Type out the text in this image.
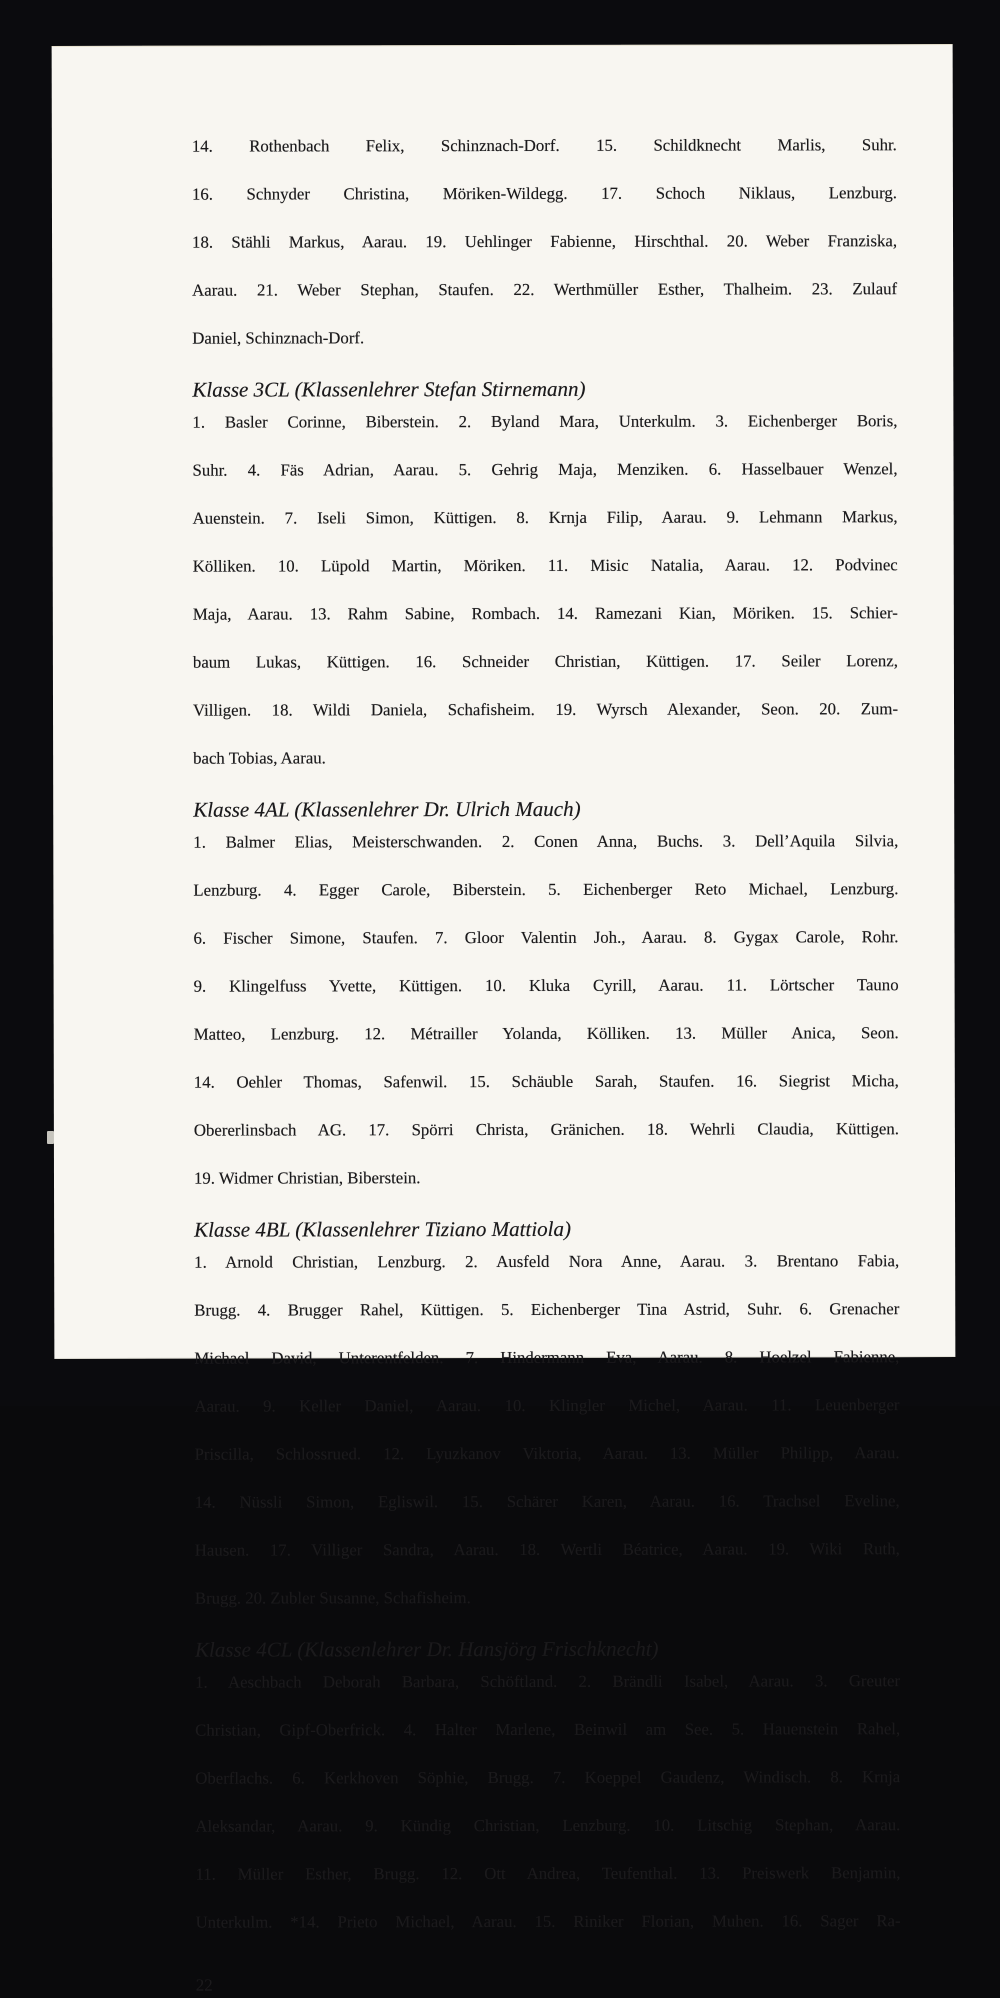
14. Rothenbach Felix, Schinznach-Dorf. 15. Schildknecht Marlis, Suhr.
16. Schnyder Christina, Möriken-Wildegg. 17. Schoch Niklaus, Lenzburg.
18. Stähli Markus, Aarau. 19. Uehlinger Fabienne, Hirschthal. 20. Weber Franziska,
Aarau. 21. Weber Stephan, Staufen. 22. Werthmüller Esther, Thalheim. 23. Zulauf
Daniel, Schinznach-Dorf.
Klasse 3CL (Klassenlehrer Stefan Stirnemann)
1. Basler Corinne, Biberstein. 2. Byland Mara, Unterkulm. 3. Eichenberger Boris,
Suhr. 4. Fäs Adrian, Aarau. 5. Gehrig Maja, Menziken. 6. Hasselbauer Wenzel,
Auenstein. 7. Iseli Simon, Küttigen. 8. Krnja Filip, Aarau. 9. Lehmann Markus,
Kölliken. 10. Lüpold Martin, Möriken. 11. Misic Natalia, Aarau. 12. Podvinec
Maja, Aarau. 13. Rahm Sabine, Rombach. 14. Ramezani Kian, Möriken. 15. Schier-
baum Lukas, Küttigen. 16. Schneider Christian, Küttigen. 17. Seiler Lorenz,
Villigen. 18. Wildi Daniela, Schafisheim. 19. Wyrsch Alexander, Seon. 20. Zum-
bach Tobias, Aarau.
Klasse 4AL (Klassenlehrer Dr. Ulrich Mauch)
1. Balmer Elias, Meisterschwanden. 2. Conen Anna, Buchs. 3. Dell’Aquila Silvia,
Lenzburg. 4. Egger Carole, Biberstein. 5. Eichenberger Reto Michael, Lenzburg.
6. Fischer Simone, Staufen. 7. Gloor Valentin Joh., Aarau. 8. Gygax Carole, Rohr.
9. Klingelfuss Yvette, Küttigen. 10. Kluka Cyrill, Aarau. 11. Lörtscher Tauno
Matteo, Lenzburg. 12. Métrailler Yolanda, Kölliken. 13. Müller Anica, Seon.
14. Oehler Thomas, Safenwil. 15. Schäuble Sarah, Staufen. 16. Siegrist Micha,
Obererlinsbach AG. 17. Spörri Christa, Gränichen. 18. Wehrli Claudia, Küttigen.
19. Widmer Christian, Biberstein.
Klasse 4BL (Klassenlehrer Tiziano Mattiola)
1. Arnold Christian, Lenzburg. 2. Ausfeld Nora Anne, Aarau. 3. Brentano Fabia,
Brugg. 4. Brugger Rahel, Küttigen. 5. Eichenberger Tina Astrid, Suhr. 6. Grenacher
Michael David, Unterentfelden. 7. Hindermann Eva, Aarau. 8. Hoelzel Fabienne,
Aarau. 9. Keller Daniel, Aarau. 10. Klingler Michel, Aarau. 11. Leuenberger
Priscilla, Schlossrued. 12. Lyuzkanov Viktoria, Aarau. 13. Müller Philipp, Aarau.
14. Nüssli Simon, Egliswil. 15. Schärer Karen, Aarau. 16. Trachsel Eveline,
Hausen. 17. Villiger Sandra, Aarau. 18. Wertli Béatrice, Aarau. 19. Wiki Ruth,
Brugg. 20. Zubler Susanne, Schafisheim.
Klasse 4CL (Klassenlehrer Dr. Hansjörg Frischknecht)
1. Aeschbach Deborah Barbara, Schöftland. 2. Brändli Isabel, Aarau. 3. Greuter
Christian, Gipf-Oberfrick. 4. Halter Marlene, Beinwil am See. 5. Hauenstein Rahel,
Oberflachs. 6. Kerkhoven Söphie, Brugg. 7. Koeppel Gaudenz, Windisch. 8. Krnja
Aleksandar, Aarau. 9. Kündig Christian, Lenzburg. 10. Litschig Stephan, Aarau.
11. Müller Esther, Brugg. 12. Ott Andrea, Teufenthal. 13. Preiswerk Benjamin,
Unterkulm. *14. Prieto Michael, Aarau. 15. Riniker Florian, Muhen. 16. Sager Ra-
22
